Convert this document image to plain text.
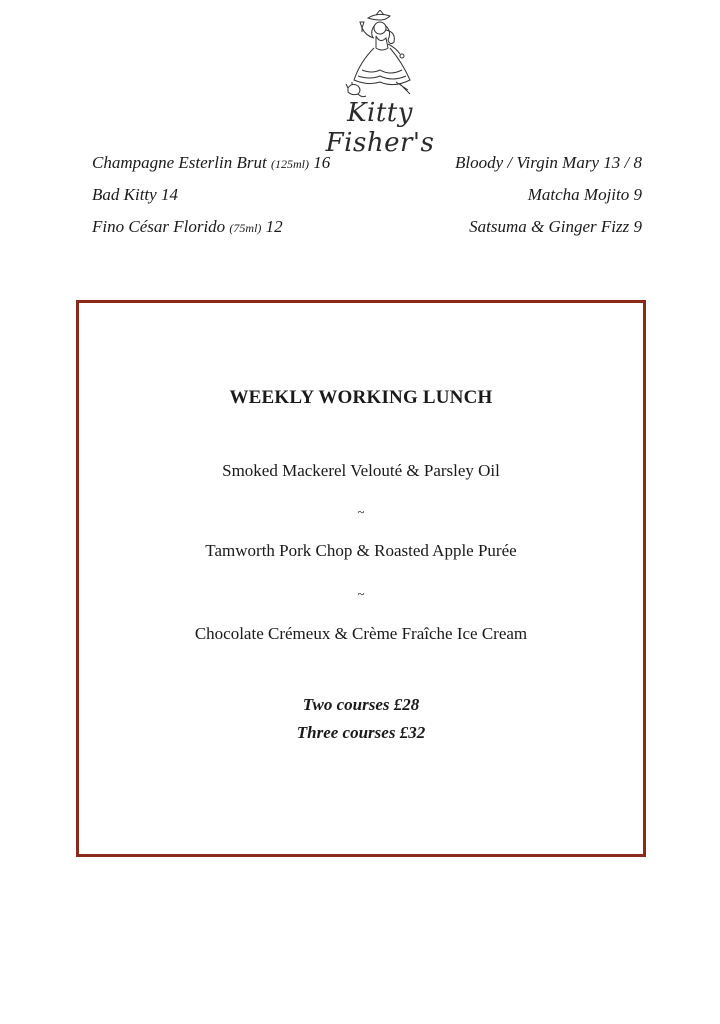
Kitty Fisher's
Champagne Esterlin Brut (125ml) 16	Bloody / Virgin Mary 13 / 8
Bad Kitty 14	Matcha Mojito 9
Fino César Florido (75ml) 12	Satsuma & Ginger Fizz 9
WEEKLY WORKING LUNCH
Smoked Mackerel Velouté & Parsley Oil
~
Tamworth Pork Chop & Roasted Apple Purée
~
Chocolate Crémeux & Crème Fraîche Ice Cream
Two courses £28
Three courses £32
